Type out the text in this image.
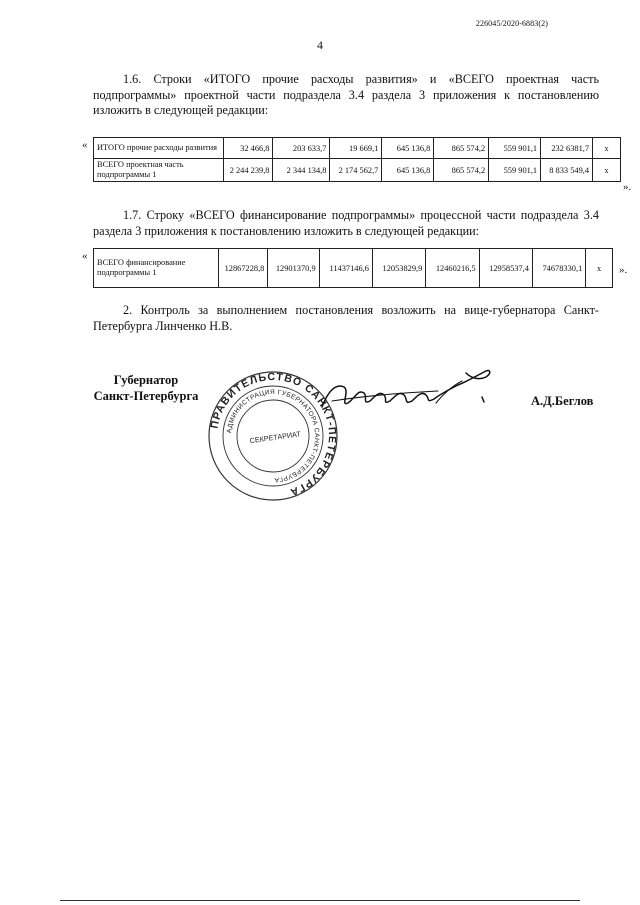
226045/2020-6883(2)
4

1.6. Строки «ИТОГО прочие расходы развития» и «ВСЕГО проектная часть подпрограммы» проектной части подраздела 3.4 раздела 3 приложения к постановлению изложить в следующей редакции:

« ИТОГО прочие расходы развития	32 466,8	203 633,7	19 669,1	645 136,8	865 574,2	559 901,1	232 6381,7	x
ВСЕГО проектная часть подпрограммы 1	2 244 239,8	2 344 134,8	2 174 562,7	645 136,8	865 574,2	559 901,1	8 833 549,4	x
».

1.7. Строку «ВСЕГО финансирование подпрограммы» процессной части подраздела 3.4 раздела 3 приложения к постановлению изложить в следующей редакции:

«
ВСЕГО финансирование подпрограммы 1	12867228,8	12901370,9	11437146,6	12053829,9	12460216,5	12958537,4	74678330,1	x ».

2. Контроль за выполнением постановления возложить на вице-губернатора Санкт-Петербурга Линченко Н.В.

Губернатор
Санкт-Петербурга
ПРАВИТЕЛЬСТВО САНКТ-ПЕТЕРБУРГА
АДМИНИСТРАЦИЯ ГУБЕРНАТОРА САНКТ-ПЕТЕРБУРГА
СЕКРЕТАРИАТ
А.Д.Беглов
